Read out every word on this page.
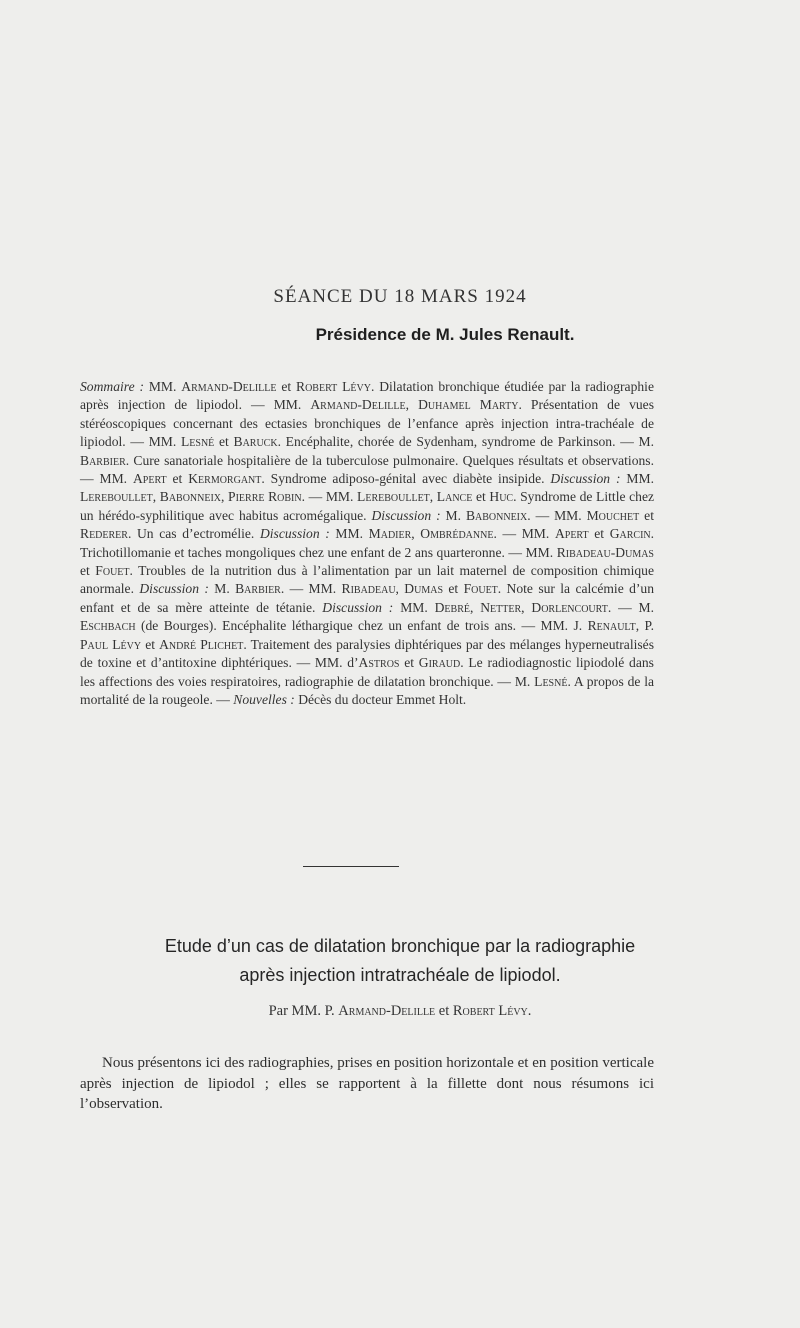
SÉANCE DU 18 MARS 1924
Présidence de M. Jules Renault.
Sommaire : MM. Armand-Delille et Robert Lévy. Dilatation bronchique étudiée par la radiographie après injection de lipiodol. — MM. Armand-Delille, Duhamel Marty. Présentation de vues stéréoscopiques concernant des ectasies bronchiques de l’enfance après injection intra-trachéale de lipiodol. — MM. Lesné et Baruck. Encéphalite, chorée de Sydenham, syndrome de Parkinson. — M. Barbier. Cure sanatoriale hospitalière de la tuberculose pulmonaire. Quelques résultats et observations. — MM. Apert et Kermorgant. Syndrome adiposo-génital avec diabète insipide. Discussion : MM. Lereboullet, Babonneix, Pierre Robin. — MM. Lereboullet, Lance et Huc. Syndrome de Little chez un hérédo-syphilitique avec habitus acromégalique. Discussion : M. Babonneix. — MM. Mouchet et Rederer. Un cas d’ectromélie. Discussion : MM. Madier, Ombrédanne. — MM. Apert et Garcin. Trichotillomanie et taches mongoliques chez une enfant de 2 ans quarteronne. — MM. Ribadeau-Dumas et Fouet. Troubles de la nutrition dus à l’alimentation par un lait maternel de composition chimique anormale. Discussion : M. Barbier. — MM. Ribadeau, Dumas et Fouet. Note sur la calcémie d’un enfant et de sa mère atteinte de tétanie. Discussion : MM. Debré, Netter, Dorlencourt. — M. Eschbach (de Bourges). Encéphalite léthargique chez un enfant de trois ans. — MM. J. Renault, P. Paul Lévy et André Plichet. Traitement des paralysies diphtériques par des mélanges hyperneutralisés de toxine et d’antitoxine diphtériques. — MM. d’Astros et Giraud. Le radiodiagnostic lipiodolé dans les affections des voies respiratoires, radiographie de dilatation bronchique. — M. Lesné. A propos de la mortalité de la rougeole. — Nouvelles : Décès du docteur Emmet Holt.
Etude d’un cas de dilatation bronchique par la radiographie
après injection intratrachéale de lipiodol.
Par MM. P. Armand-Delille et Robert Lévy.
Nous présentons ici des radiographies, prises en position horizontale et en position verticale après injection de lipiodol ; elles se rapportent à la fillette dont nous résumons ici l’observation.
